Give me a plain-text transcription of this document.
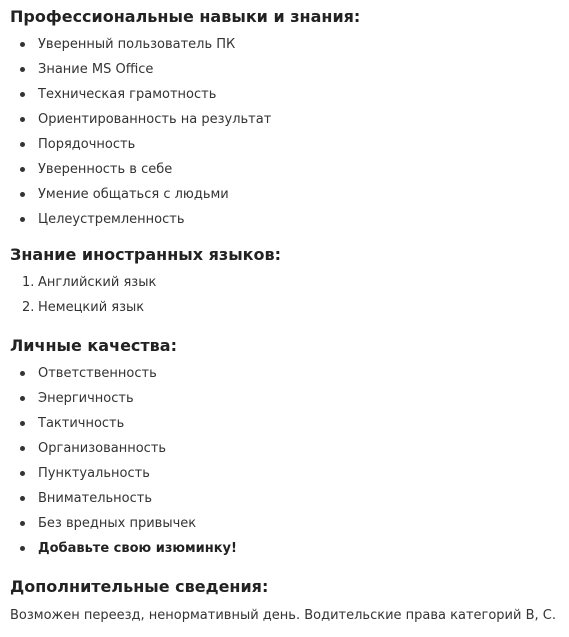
Профессиональные навыки и знания:
Уверенный пользователь ПК
Знание MS Office
Техническая грамотность
Ориентированность на результат
Порядочность
Уверенность в себе
Умение общаться с людьми
Целеустремленность
Знание иностранных языков:
1. Английский язык
2. Немецкий язык
Личные качества:
Ответственность
Энергичность
Тактичность
Организованность
Пунктуальность
Внимательность
Без вредных привычек
Добавьте свою изюминку!
Дополнительные сведения:

Возможен переезд, ненормативный день. Водительские права категорий B, C.
